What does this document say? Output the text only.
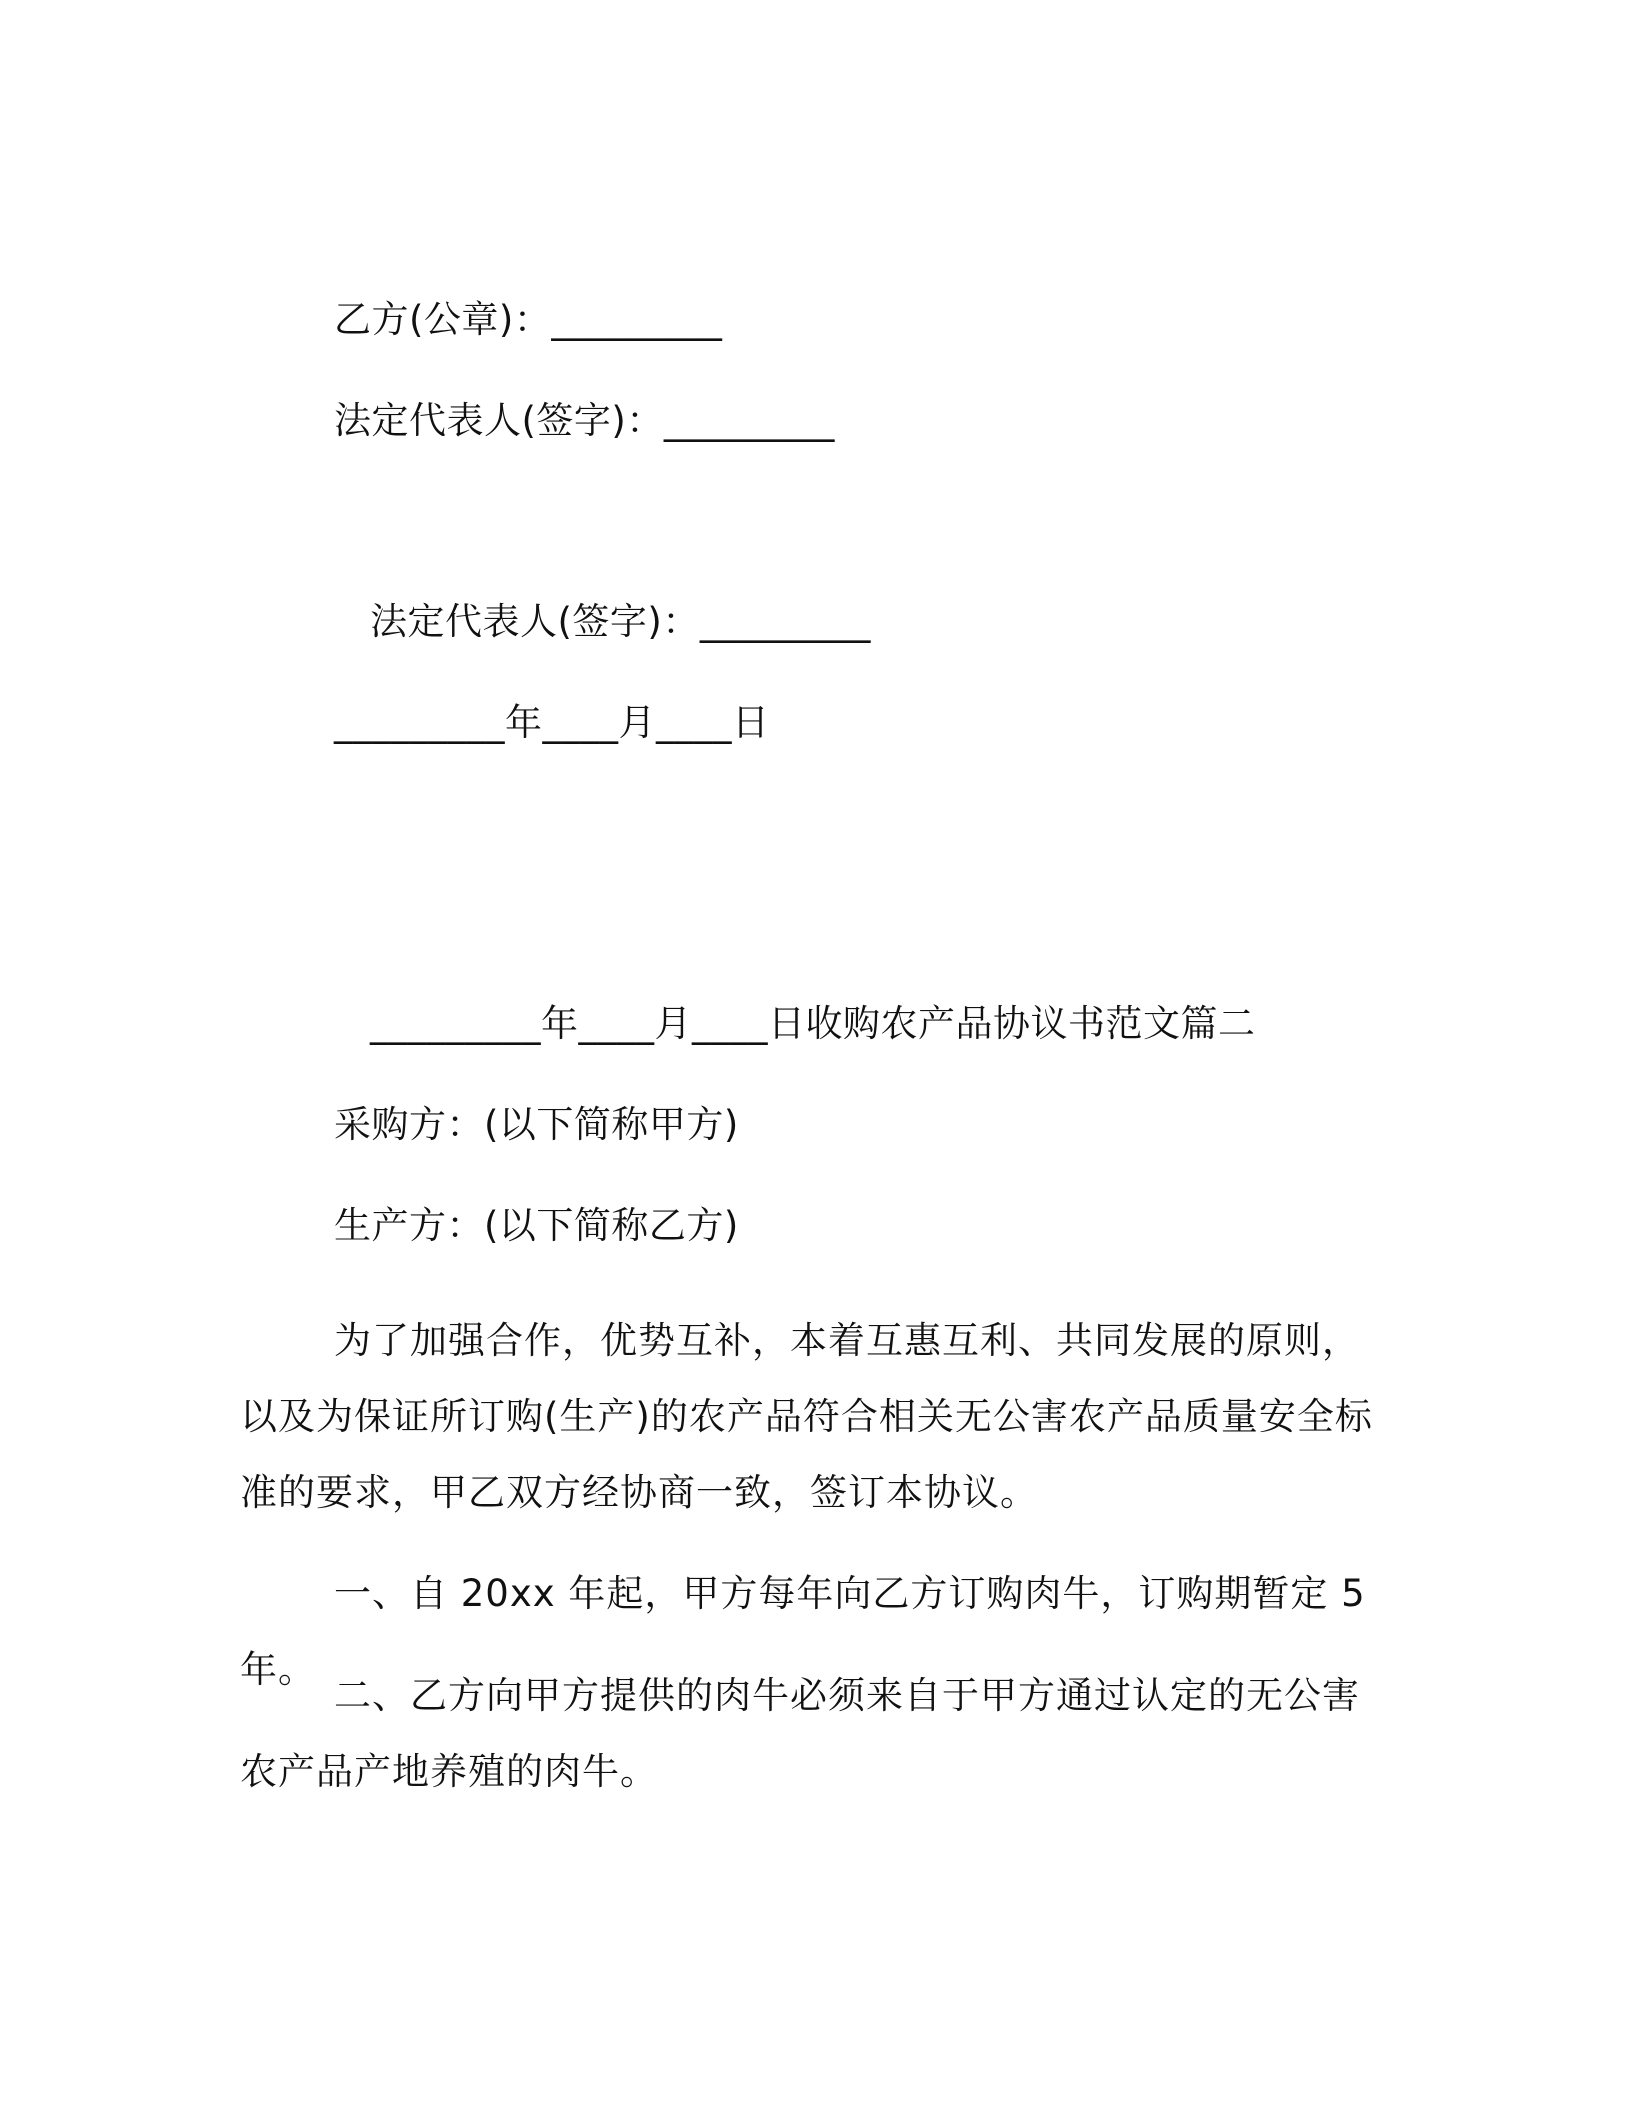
乙方(公章)：_________
法定代表人(签字)：_________
法定代表人(签字)：_________
_________年____月____日
_________年____月____日收购农产品协议书范文篇二
采购方：(以下简称甲方)
生产方：(以下简称乙方)
为了加强合作，优势互补，本着互惠互利、共同发展的原则，以及为保证所订购(生产)的农产品符合相关无公害农产品质量安全标准的要求，甲乙双方经协商一致，签订本协议。
一、自 20xx 年起，甲方每年向乙方订购肉牛，订购期暂定 5 年。
二、乙方向甲方提供的肉牛必须来自于甲方通过认定的无公害农产品产地养殖的肉牛。
